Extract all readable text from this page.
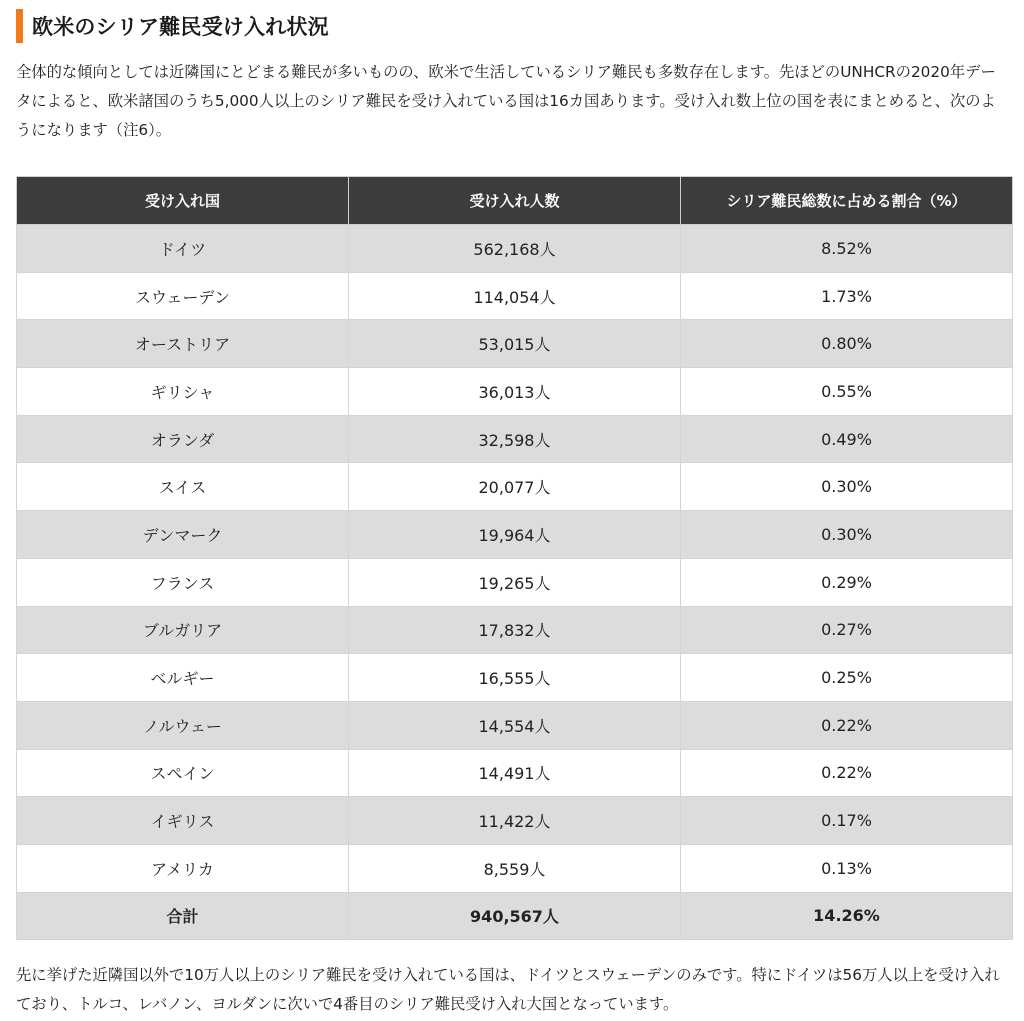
欧米のシリア難民受け入れ状況

全体的な傾向としては近隣国にとどまる難民が多いものの、欧米で生活しているシリア難民も多数存在します。先ほどのUNHCRの2020年データによると、欧米諸国のうち5,000人以上のシリア難民を受け入れている国は16カ国あります。受け入れ数上位の国を表にまとめると、次のようになります（注6）。

受け入れ国	受け入れ人数	シリア難民総数に占める割合（%）
ドイツ	562,168人	8.52%
スウェーデン	114,054人	1.73%
オーストリア	53,015人	0.80%
ギリシャ	36,013人	0.55%
オランダ	32,598人	0.49%
スイス	20,077人	0.30%
デンマーク	19,964人	0.30%
フランス	19,265人	0.29%
ブルガリア	17,832人	0.27%
ベルギー	16,555人	0.25%
ノルウェー	14,554人	0.22%
スペイン	14,491人	0.22%
イギリス	11,422人	0.17%
アメリカ	8,559人	0.13%
合計	940,567人	14.26%

先に挙げた近隣国以外で10万人以上のシリア難民を受け入れている国は、ドイツとスウェーデンのみです。特にドイツは56万人以上を受け入れており、トルコ、レバノン、ヨルダンに次いで4番目のシリア難民受け入れ大国となっています。
